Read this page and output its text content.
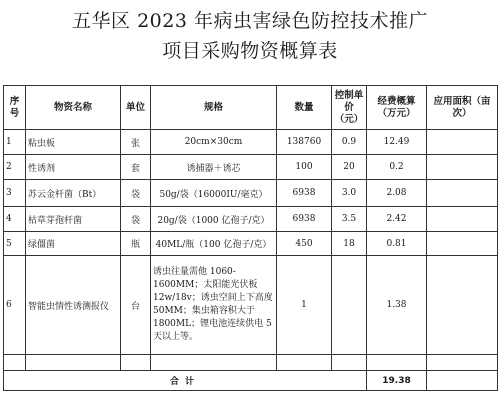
五华区 2023 年病虫害绿色防控技术推广
项目采购物资概算表
序号	物资名称	单位	规格	数量	控制单价（元）	经费概算（万元）	应用面积（亩次）
1	粘虫板	张	20cm×30cm	138760	0.9	12.49	
2	性诱剂	套	诱捕器＋诱芯	100	20	0.2	
3	苏云金杆菌（Bt）	袋	50g/袋（16000IU/毫克）	6938	3.0	2.08	
4	枯草芽孢杆菌	袋	20g/袋（1000 亿孢子/克）	6938	3.5	2.42	
5	绿僵菌	瓶	40ML/瓶（100 亿孢子/克）	450	18	0.81	
6	智能虫情性诱测报仪	台	诱虫往量需他 1060-1600MM；太阳能光伏板 12w/18v；诱虫空间上下高度 50MM；集虫箱容积大于 1800ML；锂电池连续供电 5 天以上等。	1		1.38	

合计						19.38	
